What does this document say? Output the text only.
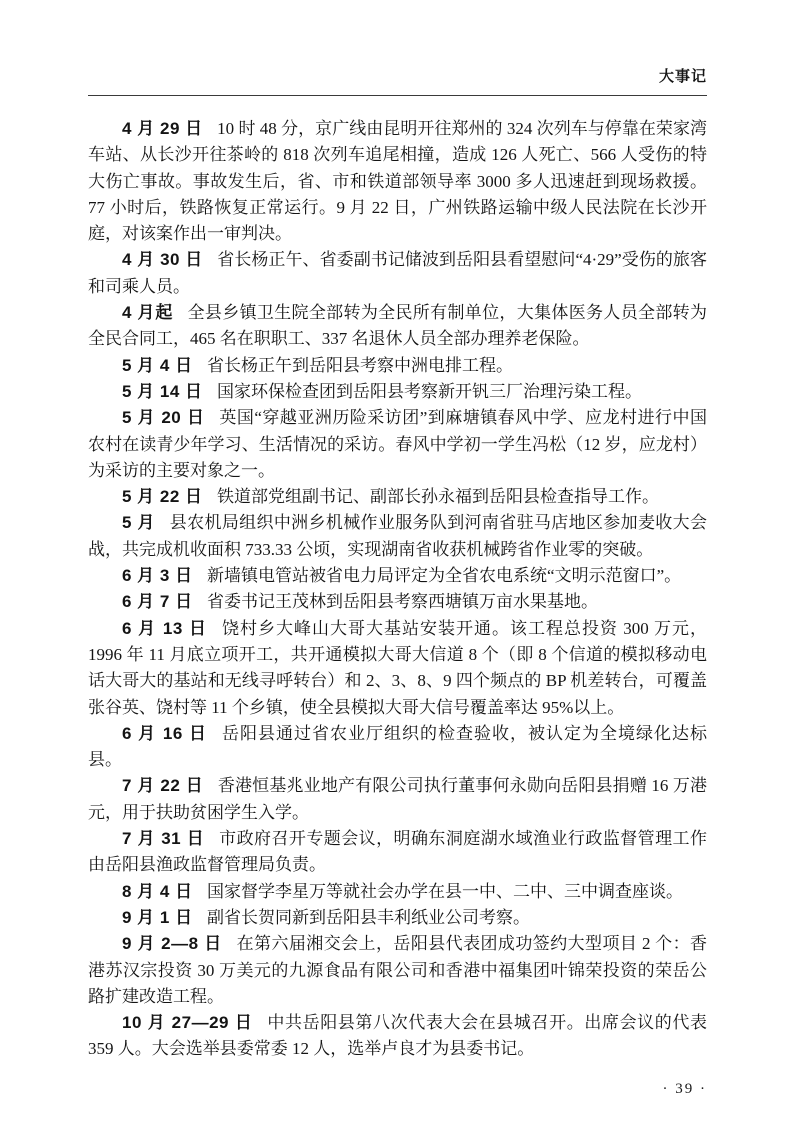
大事记

4 月 29 日 10 时 48 分，京广线由昆明开往郑州的 324 次列车与停靠在荣家湾车站、从长沙开往茶岭的 818 次列车追尾相撞，造成 126 人死亡、566 人受伤的特大伤亡事故。事故发生后，省、市和铁道部领导率 3000 多人迅速赶到现场救援。77 小时后，铁路恢复正常运行。9 月 22 日，广州铁路运输中级人民法院在长沙开庭，对该案作出一审判决。

4 月 30 日 省长杨正午、省委副书记储波到岳阳县看望慰问“4·29”受伤的旅客和司乘人员。

4 月起 全县乡镇卫生院全部转为全民所有制单位，大集体医务人员全部转为全民合同工，465 名在职职工、337 名退休人员全部办理养老保险。

5 月 4 日 省长杨正午到岳阳县考察中洲电排工程。

5 月 14 日 国家环保检查团到岳阳县考察新开钒三厂治理污染工程。

5 月 20 日 英国“穿越亚洲历险采访团”到麻塘镇春风中学、应龙村进行中国农村在读青少年学习、生活情况的采访。春风中学初一学生冯松（12 岁，应龙村）为采访的主要对象之一。

5 月 22 日 铁道部党组副书记、副部长孙永福到岳阳县检查指导工作。

5 月 县农机局组织中洲乡机械作业服务队到河南省驻马店地区参加麦收大会战，共完成机收面积 733.33 公顷，实现湖南省收获机械跨省作业零的突破。

6 月 3 日 新墙镇电管站被省电力局评定为全省农电系统“文明示范窗口”。

6 月 7 日 省委书记王茂林到岳阳县考察西塘镇万亩水果基地。

6 月 13 日 饶村乡大峰山大哥大基站安装开通。该工程总投资 300 万元，1996 年 11 月底立项开工，共开通模拟大哥大信道 8 个（即 8 个信道的模拟移动电话大哥大的基站和无线寻呼转台）和 2、3、8、9 四个频点的 BP 机差转台，可覆盖张谷英、饶村等 11 个乡镇，使全县模拟大哥大信号覆盖率达 95%以上。

6 月 16 日 岳阳县通过省农业厅组织的检查验收，被认定为全境绿化达标县。

7 月 22 日 香港恒基兆业地产有限公司执行董事何永勋向岳阳县捐赠 16 万港元，用于扶助贫困学生入学。

7 月 31 日 市政府召开专题会议，明确东洞庭湖水域渔业行政监督管理工作由岳阳县渔政监督管理局负责。

8 月 4 日 国家督学李星万等就社会办学在县一中、二中、三中调查座谈。

9 月 1 日 副省长贺同新到岳阳县丰利纸业公司考察。

9 月 2—8 日 在第六届湘交会上，岳阳县代表团成功签约大型项目 2 个：香港苏汉宗投资 30 万美元的九源食品有限公司和香港中福集团叶锦荣投资的荣岳公路扩建改造工程。

10 月 27—29 日 中共岳阳县第八次代表大会在县城召开。出席会议的代表 359 人。大会选举县委常委 12 人，选举卢良才为县委书记。

· 39 ·
